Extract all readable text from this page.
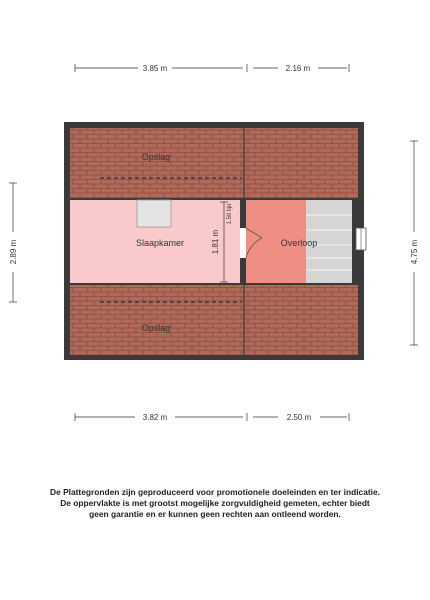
1.81 m
1.50 lijn
Opslag
Slaapkamer	Overloop
Opslag
3.85 m	2.16 m
3.82 m	2.50 m
2.89 m	4.75 m
De Plattegronden zijn geproduceerd voor promotionele doeleinden en ter indicatie.
De oppervlakte is met grootst mogelijke zorgvuldigheid gemeten, echter biedt
geen garantie en er kunnen geen rechten aan ontleend worden.
